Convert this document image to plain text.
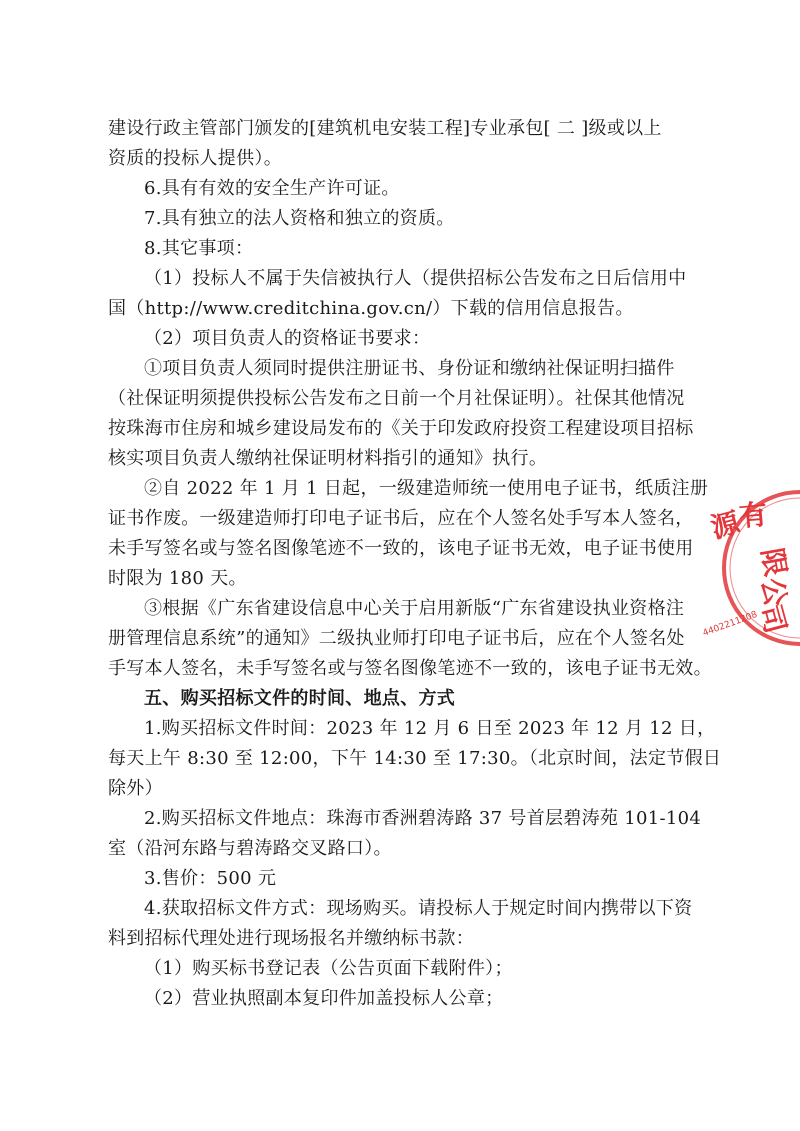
建设行政主管部门颁发的[建筑机电安装工程]专业承包[ 二 ]级或以上
资质的投标人提供）。
6.具有有效的安全生产许可证。
7.具有独立的法人资格和独立的资质。
8.其它事项：
（1）投标人不属于失信被执行人（提供招标公告发布之日后信用中
国（http://www.creditchina.gov.cn/）下载的信用信息报告。
（2）项目负责人的资格证书要求：
①项目负责人须同时提供注册证书、身份证和缴纳社保证明扫描件
（社保证明须提供投标公告发布之日前一个月社保证明）。社保其他情况
按珠海市住房和城乡建设局发布的《关于印发政府投资工程建设项目招标
核实项目负责人缴纳社保证明材料指引的通知》执行。
②自 2022 年 1 月 1 日起，一级建造师统一使用电子证书，纸质注册
证书作废。一级建造师打印电子证书后，应在个人签名处手写本人签名，
未手写签名或与签名图像笔迹不一致的，该电子证书无效，电子证书使用
时限为 180 天。
③根据《广东省建设信息中心关于启用新版“广东省建设执业资格注
册管理信息系统”的通知》二级执业师打印电子证书后，应在个人签名处
手写本人签名，未手写签名或与签名图像笔迹不一致的，该电子证书无效。
五、购买招标文件的时间、地点、方式
1.购买招标文件时间：2023 年 12 月 6 日至 2023 年 12 月 12 日，
每天上午 8:30 至 12:00，下午 14:30 至 17:30。（北京时间，法定节假日
除外）
2.购买招标文件地点：珠海市香洲碧涛路 37 号首层碧涛苑 101-104
室（沿河东路与碧涛路交叉路口）。
3.售价：500 元
4.获取招标文件方式：现场购买。请投标人于规定时间内携带以下资
料到招标代理处进行现场报名并缴纳标书款：
（1）购买标书登记表（公告页面下载附件）；
（2）营业执照副本复印件加盖投标人公章；
源
有
限
公
司
4402211208
